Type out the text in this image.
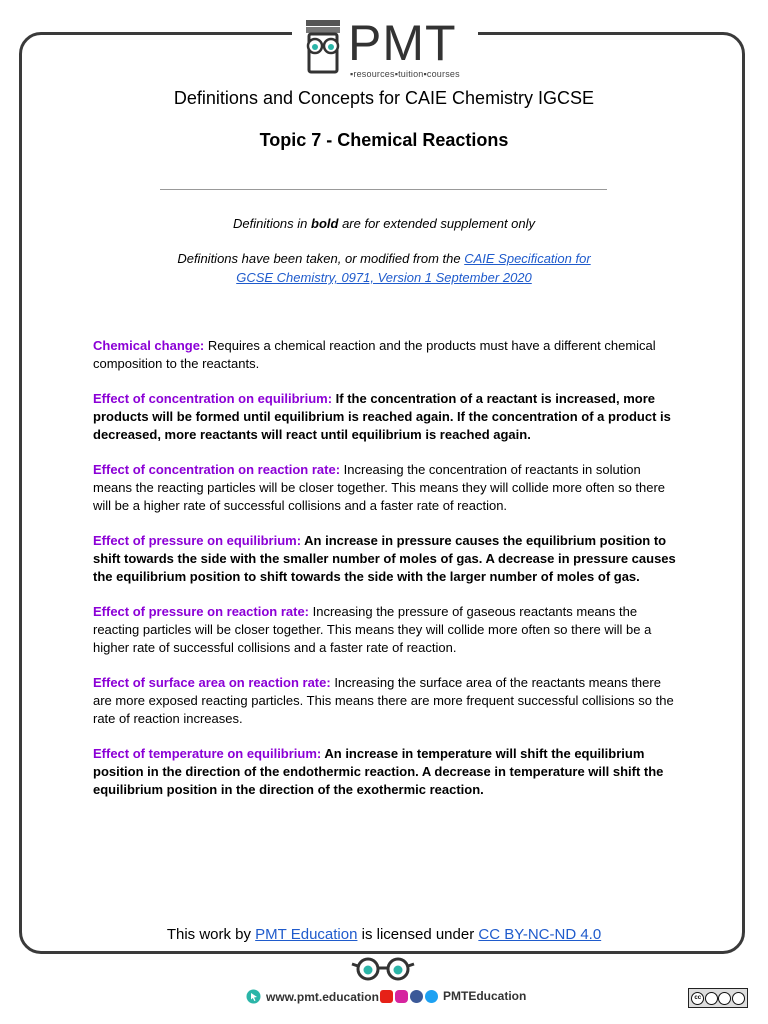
PMT
▪resources▪tuition▪courses
Definitions and Concepts for CAIE Chemistry IGCSE
Topic 7 - Chemical Reactions
Definitions in bold are for extended supplement only
Definitions have been taken, or modified from the CAIE Specification for
GCSE Chemistry, 0971, Version 1 September 2020

Chemical change: Requires a chemical reaction and the products must have a different chemical composition to the reactants.

Effect of concentration on equilibrium: If the concentration of a reactant is increased, more products will be formed until equilibrium is reached again. If the concentration of a product is decreased, more reactants will react until equilibrium is reached again.

Effect of concentration on reaction rate: Increasing the concentration of reactants in solution means the reacting particles will be closer together. This means they will collide more often so there will be a higher rate of successful collisions and a faster rate of reaction.

Effect of pressure on equilibrium: An increase in pressure causes the equilibrium position to shift towards the side with the smaller number of moles of gas. A decrease in pressure causes the equilibrium position to shift towards the side with the larger number of moles of gas.

Effect of pressure on reaction rate: Increasing the pressure of gaseous reactants means the reacting particles will be closer together. This means they will collide more often so there will be a higher rate of successful collisions and a faster rate of reaction.

Effect of surface area on reaction rate: Increasing the surface area of the reactants means there are more exposed reacting particles. This means there are more frequent successful collisions so the rate of reaction increases.

Effect of temperature on equilibrium: An increase in temperature will shift the equilibrium position in the direction of the endothermic reaction. A decrease in temperature will shift the equilibrium position in the direction of the exothermic reaction.

This work by PMT Education is licensed under CC BY-NC-ND 4.0
www.pmt.education	PMTEducation	cc
